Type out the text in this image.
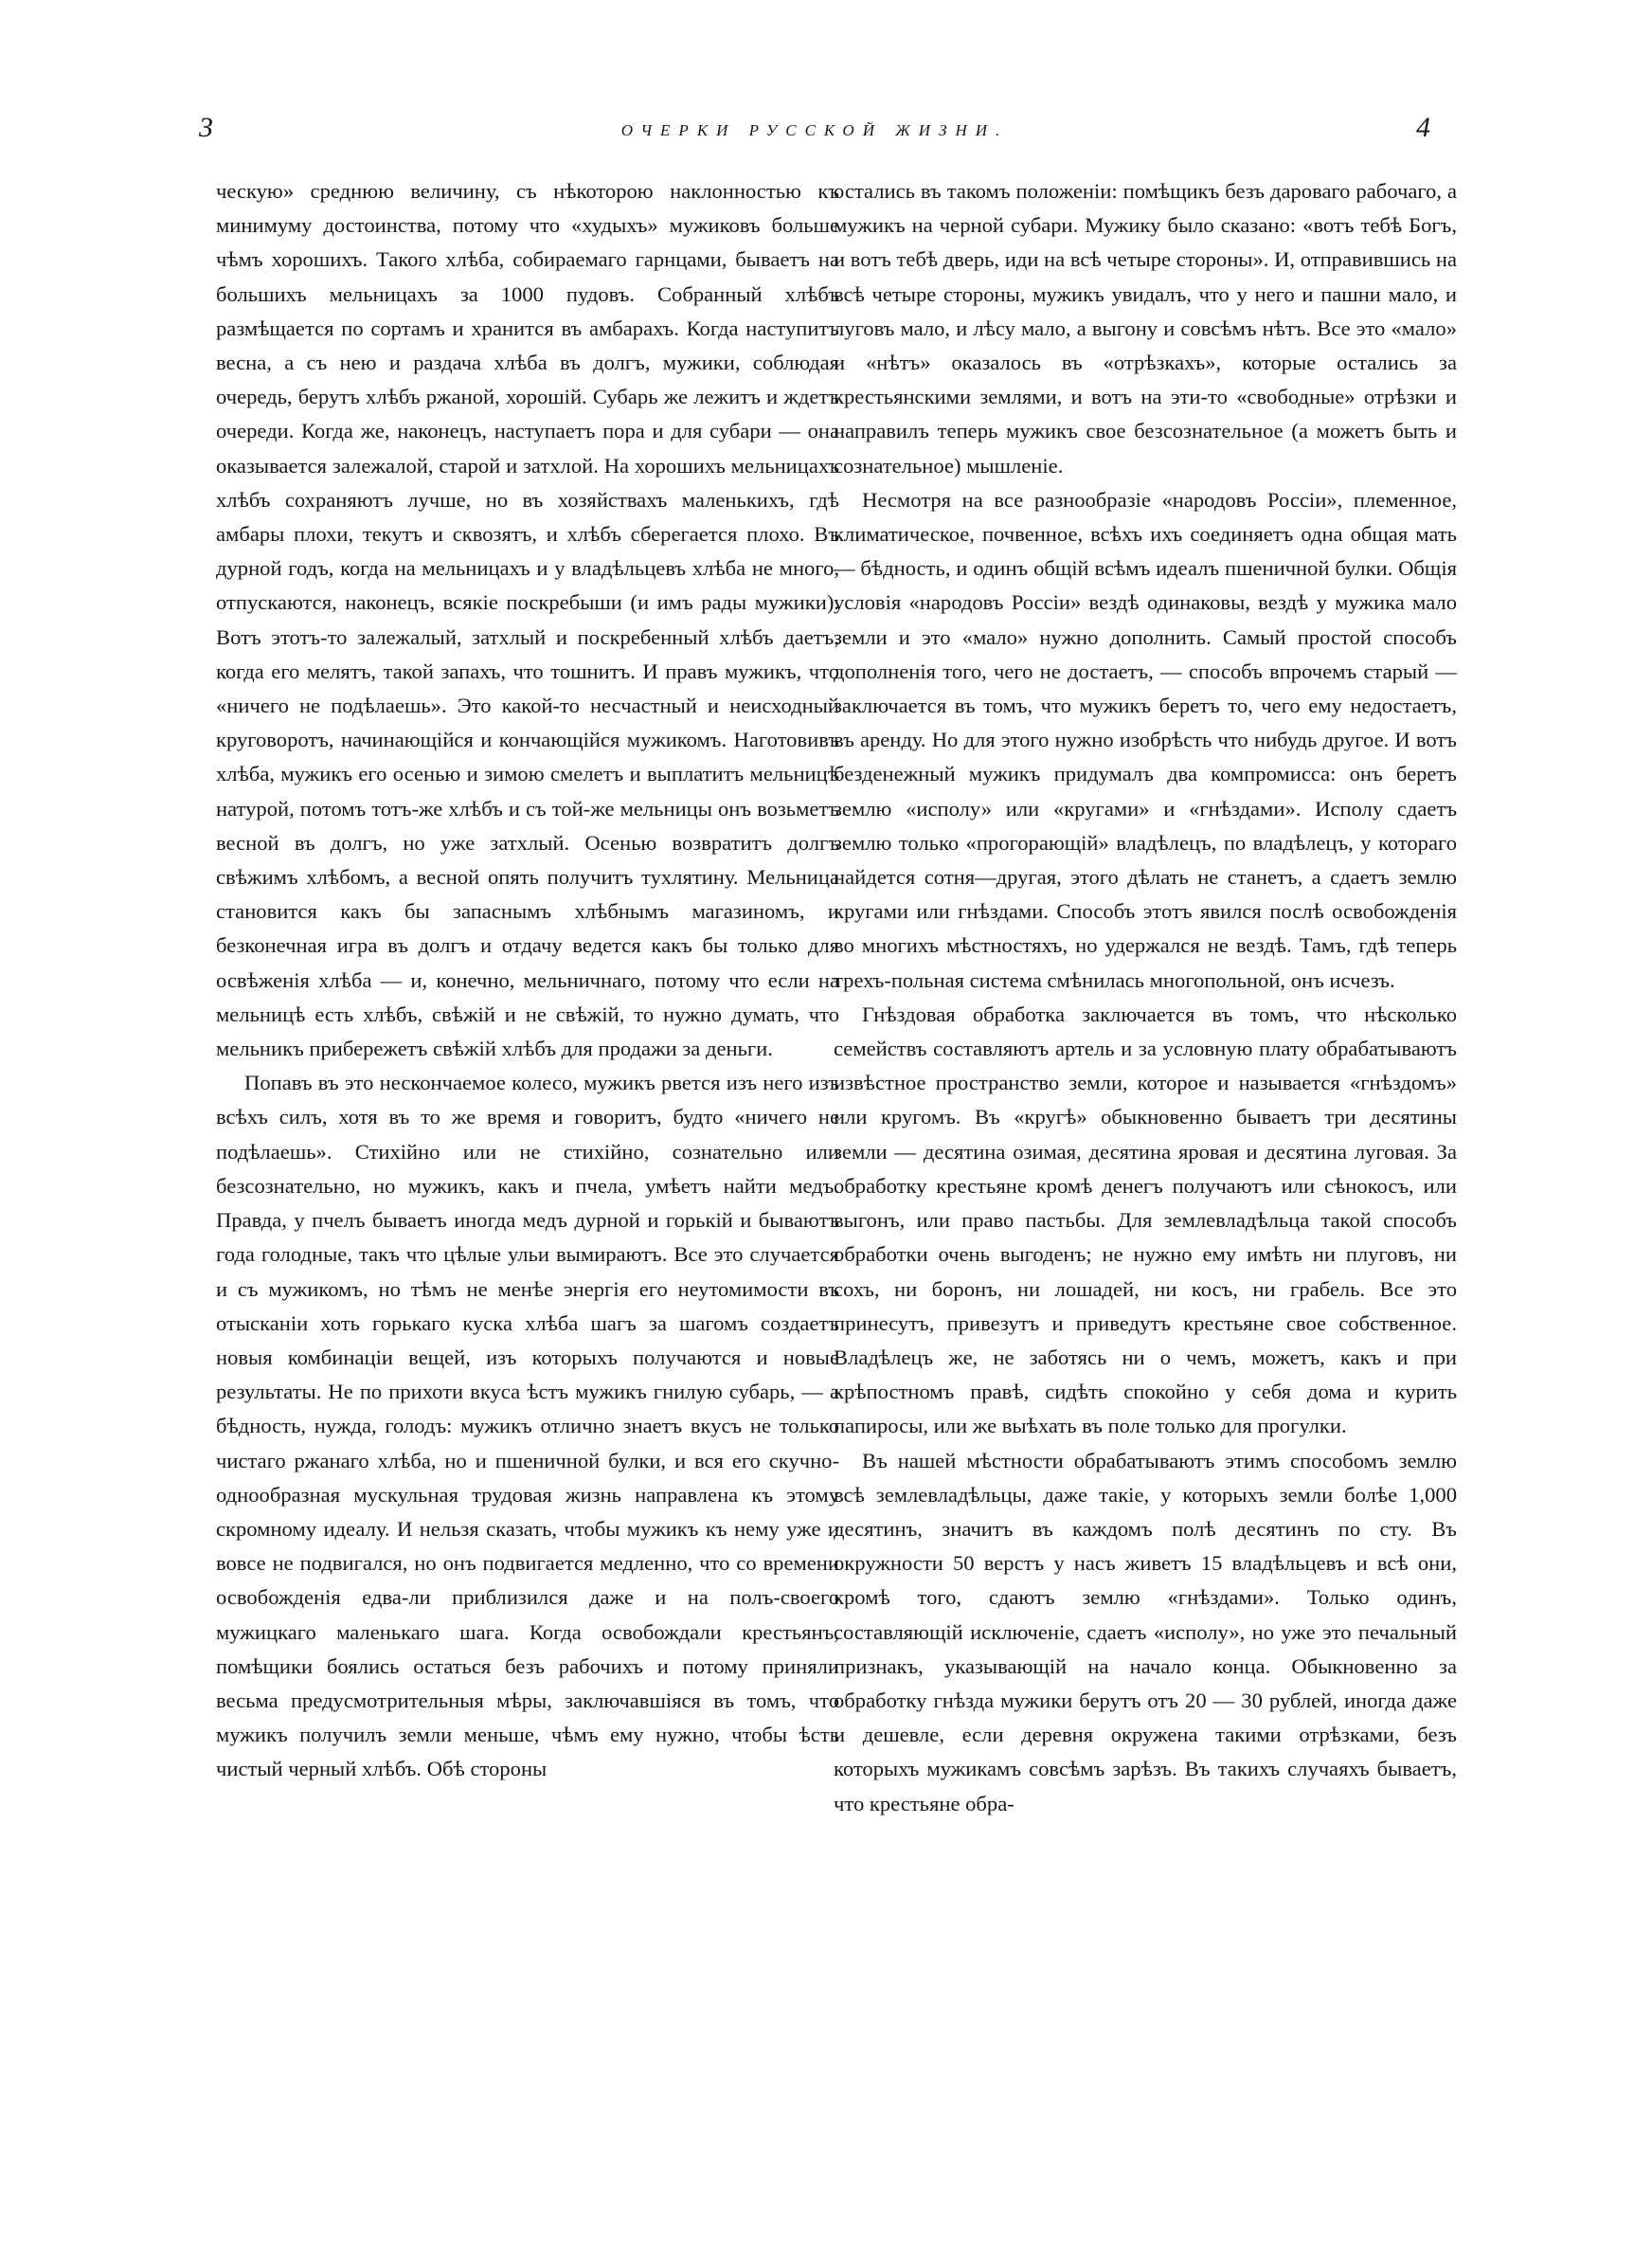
3	ОЧЕРКИ РУССКОЙ ЖИЗНИ.	4

ческую» среднюю величину, съ нѣкоторою наклонностью къ минимуму достоинства, потому что «худыхъ» мужиковъ больше чѣмъ хорошихъ. Такого хлѣба, собираемаго гарнцами, бываетъ на большихъ мельницахъ за 1000 пудовъ. Собранный хлѣбъ размѣщается по сортамъ и хранится въ амбарахъ. Когда наступитъ весна, а съ нею и раздача хлѣба въ долгъ, мужики, соблюдая очередь, берутъ хлѣбъ ржаной, хорошій. Субарь же лежитъ и ждетъ очереди. Когда же, наконецъ, наступаетъ пора и для субари — она оказывается залежалой, старой и затхлой. На хорошихъ мельницахъ хлѣбъ сохраняютъ лучше, но въ хозяйствахъ маленькихъ, гдѣ амбары плохи, текутъ и сквозятъ, и хлѣбъ сберегается плохо. Въ дурной годъ, когда на мельницахъ и у владѣльцевъ хлѣба не много, отпускаются, наконецъ, всякіе поскребыши (и имъ рады мужики). Вотъ этотъ-то залежалый, затхлый и поскребенный хлѣбъ даетъ, когда его мелятъ, такой запахъ, что тошнитъ. И правъ мужикъ, что «ничего не подѣлаешь». Это какой-то несчастный и неисходный круговоротъ, начинающійся и кончающійся мужикомъ. Наготовивъ хлѣба, мужикъ его осенью и зимою смелетъ и выплатитъ мельницѣ натурой, потомъ тотъ-же хлѣбъ и съ той-же мельницы онъ возьметъ весной въ долгъ, но уже затхлый. Осенью возвратитъ долгъ свѣжимъ хлѣбомъ, а весной опять получитъ тухлятину. Мельница становится какъ бы запаснымъ хлѣбнымъ магазиномъ, и безконечная игра въ долгъ и отдачу ведется какъ бы только для освѣженія хлѣба — и, конечно, мельничнаго, потому что если на мельницѣ есть хлѣбъ, свѣжій и не свѣжій, то нужно думать, что мельникъ прибережетъ свѣжій хлѣбъ для продажи за деньги.

Попавъ въ это нескончаемое колесо, мужикъ рвется изъ него изъ всѣхъ силъ, хотя въ то же время и говоритъ, будто «ничего не подѣлаешь». Стихійно или не стихійно, сознательно или безсознательно, но мужикъ, какъ и пчела, умѣетъ найти медъ. Правда, у пчелъ бываетъ иногда медъ дурной и горькій и бываютъ года голодные, такъ что цѣлые ульи вымираютъ. Все это случается и съ мужикомъ, но тѣмъ не менѣе энергія его неутомимости въ отысканіи хоть горькаго куска хлѣба шагъ за шагомъ создаетъ новыя комбинаціи вещей, изъ которыхъ получаются и новые результаты. Не по прихоти вкуса ѣстъ мужикъ гнилую субарь, — а бѣдность, нужда, голодъ: мужикъ отлично знаетъ вкусъ не только чистаго ржанаго хлѣба, но и пшеничной булки, и вся его скучно-однообразная мускульная трудовая жизнь направлена къ этому скромному идеалу. И нельзя сказать, чтобы мужикъ къ нему уже и вовсе не подвигался, но онъ подвигается медленно, что со времени освобожденія едва-ли приблизился даже и на полъ-своего мужицкаго маленькаго шага. Когда освобождали крестьянъ, помѣщики боялись остаться безъ рабочихъ и потому приняли весьма предусмотрительныя мѣры, заключавшіяся въ томъ, что мужикъ получилъ земли меньше, чѣмъ ему нужно, чтобы ѣсть чистый черный хлѣбъ. Обѣ стороны

остались въ такомъ положеніи: помѣщикъ безъ дароваго рабочаго, а мужикъ на черной субари. Мужику было сказано: «вотъ тебѣ Богъ, и вотъ тебѣ дверь, иди на всѣ четыре стороны». И, отправившись на всѣ четыре стороны, мужикъ увидалъ, что у него и пашни мало, и луговъ мало, и лѣсу мало, а выгону и совсѣмъ нѣтъ. Все это «мало» и «нѣтъ» оказалось въ «отрѣзкахъ», которые остались за крестьянскими землями, и вотъ на эти-то «свободные» отрѣзки и направилъ теперь мужикъ свое безсознательное (а можетъ быть и сознательное) мышленіе.

Несмотря на все разнообразіе «народовъ Россіи», племенное, климатическое, почвенное, всѣхъ ихъ соединяетъ одна общая мать — бѣдность, и одинъ общій всѣмъ идеалъ пшеничной булки. Общія условія «народовъ Россіи» вездѣ одинаковы, вездѣ у мужика мало земли и это «мало» нужно дополнить. Самый простой способъ дополненія того, чего не достаетъ, — способъ впрочемъ старый — заключается въ томъ, что мужикъ беретъ то, чего ему недостаетъ, въ аренду. Но для этого нужно изобрѣсть что нибудь другое. И вотъ безденежный мужикъ придумалъ два компромисса: онъ беретъ землю «исполу» или «кругами» и «гнѣздами». Исполу сдаетъ землю только «прогорающій» владѣлецъ, по владѣлецъ, у котораго найдется сотня—другая, этого дѣлать не станетъ, а сдаетъ землю кругами или гнѣздами. Способъ этотъ явился послѣ освобожденія во многихъ мѣстностяхъ, но удержался не вездѣ. Тамъ, гдѣ теперь трехъ-польная система смѣнилась многопольной, онъ исчезъ.

Гнѣздовая обработка заключается въ томъ, что нѣсколько семействъ составляютъ артель и за условную плату обрабатываютъ извѣстное пространство земли, которое и называется «гнѣздомъ» или кругомъ. Въ «кругѣ» обыкновенно бываетъ три десятины земли — десятина озимая, десятина яровая и десятина луговая. За обработку крестьяне кромѣ денегъ получаютъ или сѣнокосъ, или выгонъ, или право пастьбы. Для землевладѣльца такой способъ обработки очень выгоденъ; не нужно ему имѣть ни плуговъ, ни сохъ, ни боронъ, ни лошадей, ни косъ, ни грабель. Все это принесутъ, привезутъ и приведутъ крестьяне свое собственное. Владѣлецъ же, не заботясь ни о чемъ, можетъ, какъ и при крѣпостномъ правѣ, сидѣть спокойно у себя дома и курить папиросы, или же выѣхать въ поле только для прогулки.

Въ нашей мѣстности обрабатываютъ этимъ способомъ землю всѣ землевладѣльцы, даже такіе, у которыхъ земли болѣе 1,000 десятинъ, значитъ въ каждомъ полѣ десятинъ по сту. Въ окружности 50 верстъ у насъ живетъ 15 владѣльцевъ и всѣ они, кромѣ того, сдаютъ землю «гнѣздами». Только одинъ, составляющій исключеніе, сдаетъ «исполу», но уже это печальный признакъ, указывающій на начало конца. Обыкновенно за обработку гнѣзда мужики берутъ отъ 20 — 30 рублей, иногда даже и дешевле, если деревня окружена такими отрѣзками, безъ которыхъ мужикамъ совсѣмъ зарѣзъ. Въ такихъ случаяхъ бываетъ, что крестьяне обра-
